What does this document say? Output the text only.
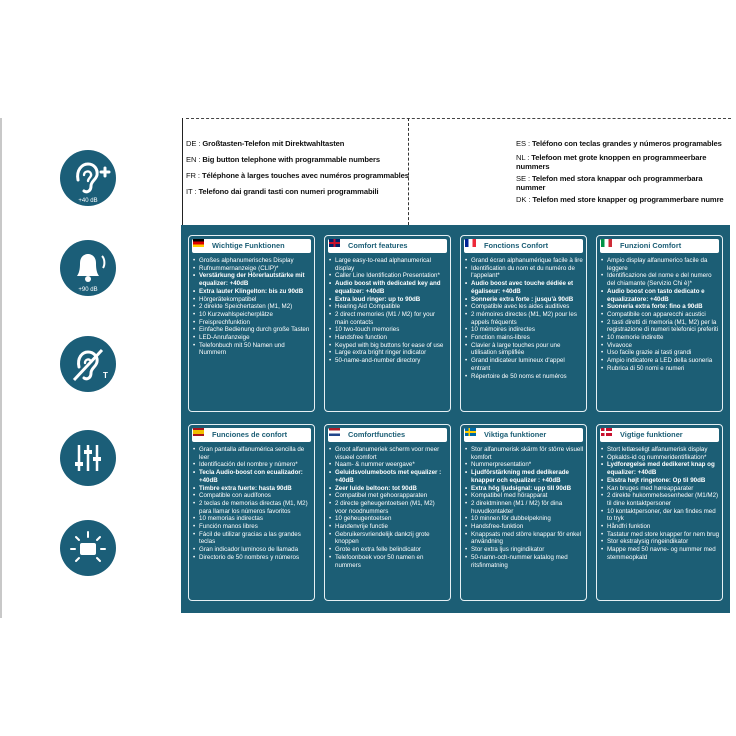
+40 dB
+90 dB
T
DE : Großtasten-Telefon mit Direktwahltasten
EN : Big button telephone with programmable numbers
FR : Téléphone à larges touches avec numéros programmables
IT : Telefono dai grandi tasti con numeri programmabili
ES : Teléfono con teclas grandes y números programables
NL : Telefoon met grote knoppen en programmeerbare nummers
SE : Telefon med stora knappar och programmerbara nummer
DK : Telefon med store knapper og programmerbare numre
Wichtige Funktionen
• Großes alphanumerisches Display
• Rufnummernanzeige (CLIP)*
• Verstärkung der Hörerlautstärke mit equalizer: +40dB
• Extra lauter Klingelton: bis zu 90dB
• Hörgerätekompatibel
• 2 direkte Speichertasten (M1, M2)
• 10 Kurzwahlspeicherplätze
• Freisprechfunktion
• Einfache Bedienung durch große Tasten
• LED-Anrufanzeige
• Telefonbuch mit 50 Namen und Nummern
Comfort features
• Large easy-to-read alphanumerical display
• Caller Line Identification Presentation*
• Audio boost with dedicated key and equalizer: +40dB
• Extra loud ringer: up to 90dB
• Hearing Aid Compatible
• 2 direct memories (M1 / M2) for your main contacts
• 10 two-touch memories
• Handsfree function
• Keyped with big buttons for ease of use
• Large extra bright ringer indicator
• 50-name-and-number directory
Fonctions Confort
• Grand écran alphanumérique facile à lire
• Identification du nom et du numéro de l'appelant*
• Audio boost avec touche dédiée et égaliseur: +40dB
• Sonnerie extra forte : jusqu'à 90dB
• Compatible avec les aides auditives
• 2 mémoires directes (M1, M2) pour les appels fréquents
• 10 mémoires indirectes
• Fonction mains-libres
• Clavier à large touches pour une utilisation simplifiée
• Grand indicateur lumineux d'appel entrant
• Répertoire de 50 noms et numéros
Funzioni Comfort
• Ampio display alfanumerico facile da leggere
• Identificazione del nome e del numero del chiamante (Servizio Chi è)*
• Audio boost con tasto dedicato e equalizzatore: +40dB
• Suoneria extra forte: fino a 90dB
• Compatibile con apparecchi acustici
• 2 tasti diretti di memoria (M1, M2) per la registrazione di numeri telefonici preferiti
• 10 memorie indirette
• Vivavoce
• Uso facile grazie ai tasti grandi
• Ampio indicatore a LED della suoneria
• Rubrica di 50 nomi e numeri
Funciones de confort
• Gran pantalla alfanumérica sencilla de leer
• Identificación del nombre y número*
• Tecla Audio-boost con ecualizador: +40dB
• Timbre extra fuerte: hasta 90dB
• Compatible con audífonos
• 2 teclas de memorias directas (M1, M2) para llamar los números favoritos
• 10 memorias indirectas
• Función manos libres
• Fácil de utilizar gracias a las grandes teclas
• Gran indicador luminoso de llamada
• Directorio de 50 nombres y números
Comfortfuncties
• Groot alfanumeriek scherm voor meer visueel comfort
• Naam- & nummer weergave*
• Geluidsvolumeboots met equalizer : +40dB
• Zeer luide beltoon: tot 90dB
• Compatibel met gehoorapparaten
• 2 directe geheugentoetsen (M1, M2) voor noodnummers
• 10 geheugentoetsen
• Handenvrije functie
• Gebruikersvriendelijk dankzij grote knoppen
• Grote en extra felle belindicator
• Telefoonboek voor 50 namen en nummers
Viktiga funktioner
• Stor alfanumerisk skärm för större visuell komfort
• Nummerpresentation*
• Ljudförstärkning med dedikerade knapper och equalizer : +40dB
• Extra hög ljudsignal: upp till 90dB
• Kompatibel med hörapparat
• 2 direktminnen (M1 / M2) för dina huvudkontakter
• 10 minnen för dubbelpekning
• Handsfree-funktion
• Knappsats med större knappar för enkel användning
• Stor extra ljus ringindikator
• 50-namn-och-nummer katalog med ritsfinmatning
Vigtige funktioner
• Stort letlæseligt alfanumerisk display
• Opkalds-id og nummeridentifikation*
• Lydforøgelse med dedikeret knap og equalizer: +40dB
• Ekstra højt ringetone: Op til 90dB
• Kan bruges med høreapparater
• 2 direkte hukommelsesenheder (M1/M2) til dine kontaktpersoner
• 10 kontaktpersoner, der kan findes med to tryk
• Håndfri funktion
• Tastatur med store knapper for nem brug
• Stor ekstralysig ringeindikator
• Mappe med 50 navne- og nummer med stemmeopkald
